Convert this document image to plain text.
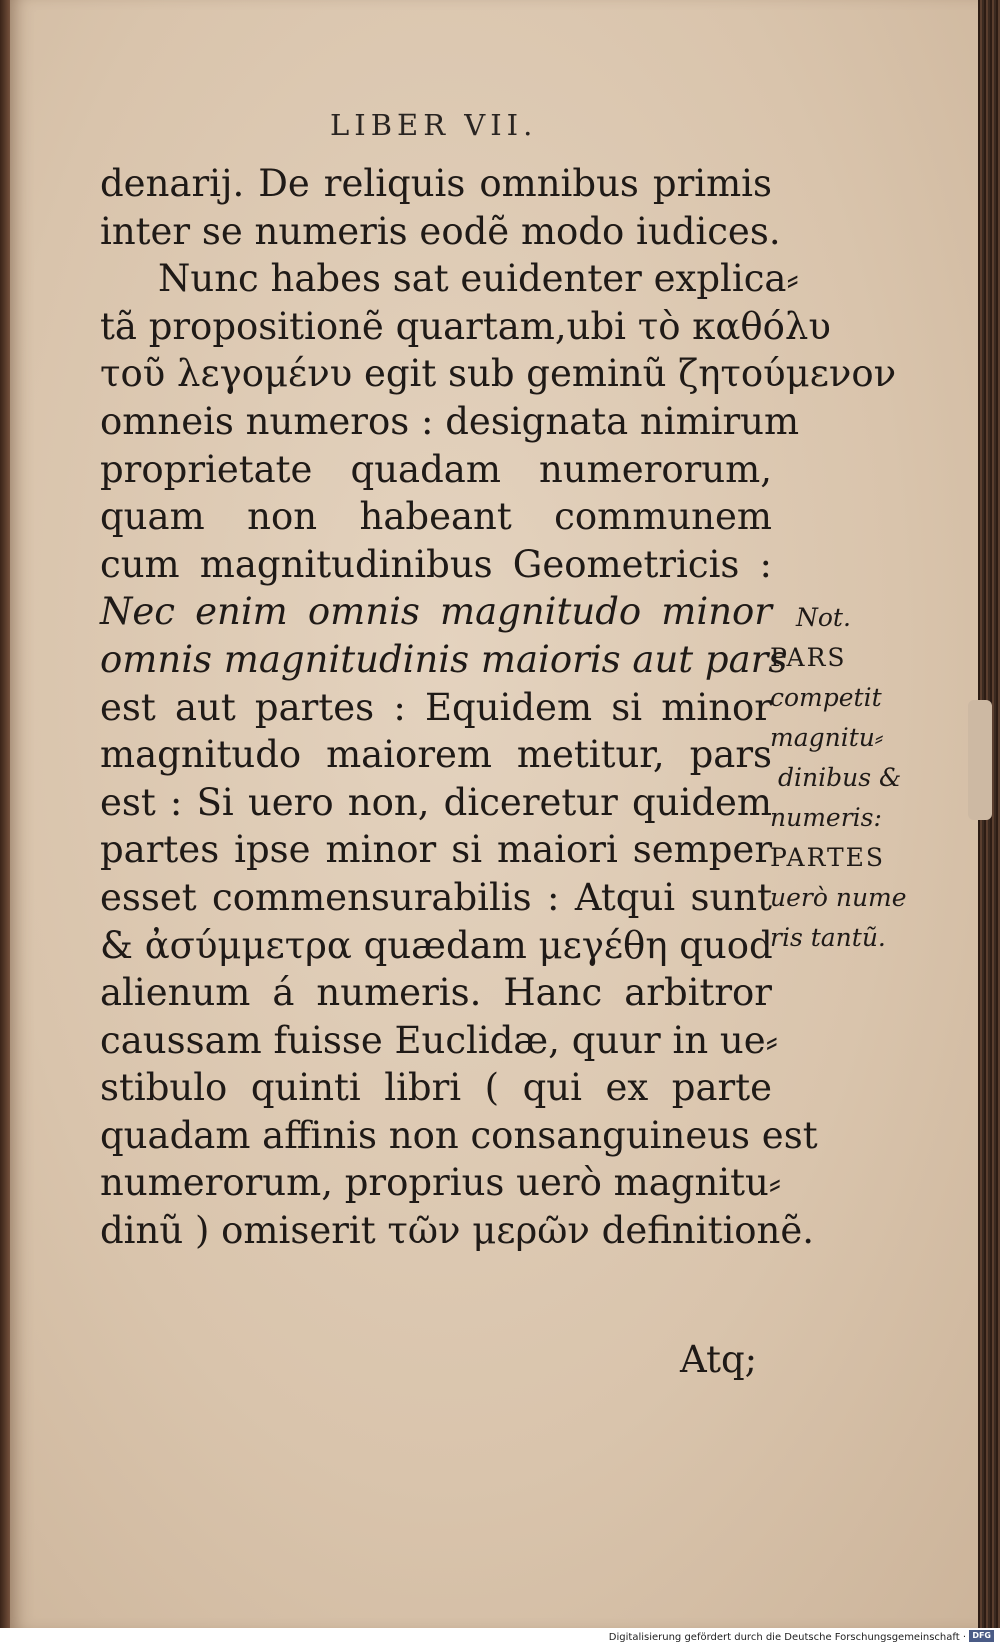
LIBER VII.
denarij. De reliquis omnibus primis
inter se numeris eodẽ modo iudices.
Nunc habes sat euidenter explica⸗
tã propositionẽ quartam,ubi τὸ καθόλυ
τοῦ λεγομένυ egit sub geminũ ζητούμενον
omneis numeros : designata nimirum
proprietate quadam numerorum,
quam non habeant communem
cum magnitudinibus Geometricis :
Nec enim omnis magnitudo minor
omnis magnitudinis maioris aut pars
est aut partes : Equidem si minor
magnitudo maiorem metitur, pars
est : Si uero non, diceretur quidem
partes ipse minor si maiori semper
esset commensurabilis : Atqui sunt
& ἀσύμμετρα quædam μεγέθη quod
alienum á numeris. Hanc arbitror
caussam fuisse Euclidæ, quur in ue⸗
stibulo quinti libri ( qui ex parte
quadam affinis non consanguineus est
numerorum, proprius uerò magnitu⸗
dinũ ) omiserit τῶν μερῶν definitionẽ.
Atq;
Not.
PARS
competit
magnitu⸗
dinibus &
numeris:
PARTES
uerò nume
ris tantũ.
Digitalisierung gefördert durch die Deutsche Forschungsgemeinschaft · DFG
